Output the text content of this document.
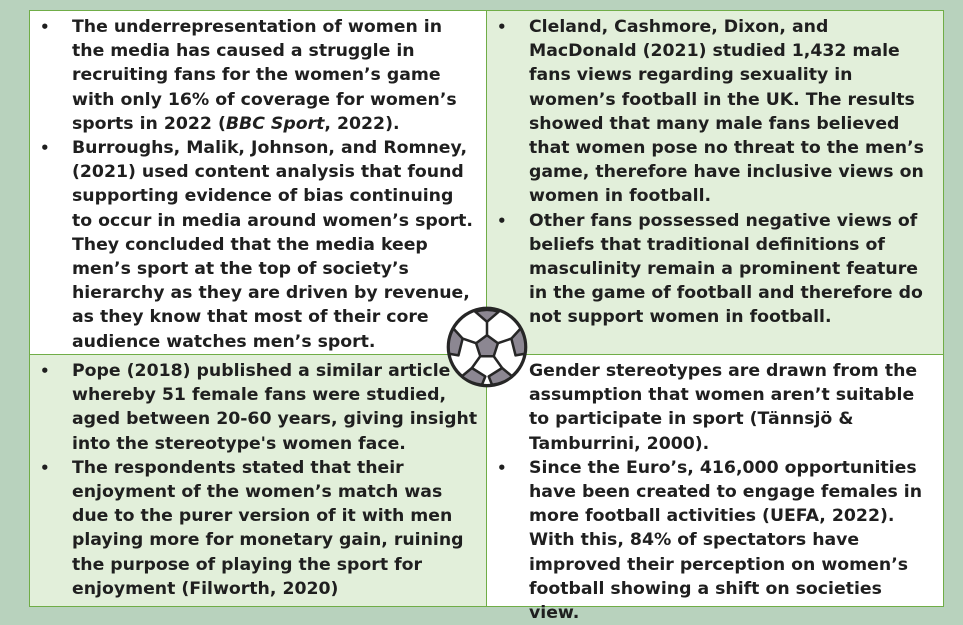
• The underrepresentation of women in the media has caused a struggle in recruiting fans for the women’s game with only 16% of coverage for women’s sports in 2022 (BBC Sport, 2022).
• Burroughs, Malik, Johnson, and Romney, (2021) used content analysis that found supporting evidence of bias continuing to occur in media around women’s sport. They concluded that the media keep men’s sport at the top of society’s hierarchy as they are driven by revenue, as they know that most of their core audience watches men’s sport.
• Cleland, Cashmore, Dixon, and MacDonald (2021) studied 1,432 male fans views regarding sexuality in women’s football in the UK. The results showed that many male fans believed that women pose no threat to the men’s game, therefore have inclusive views on women in football.
• Other fans possessed negative views of beliefs that traditional definitions of masculinity remain a prominent feature in the game of football and therefore do not support women in football.
• Pope (2018) published a similar article whereby 51 female fans were studied, aged between 20-60 years, giving insight into the stereotype's women face.
• The respondents stated that their enjoyment of the women’s match was due to the purer version of it with men playing more for monetary gain, ruining the purpose of playing the sport for enjoyment (Filworth, 2020)
Gender stereotypes are drawn from the assumption that women aren’t suitable to participate in sport (Tännsjö & Tamburrini, 2000).
• Since the Euro’s, 416,000 opportunities have been created to engage females in more football activities (UEFA, 2022). With this, 84% of spectators have improved their perception on women’s football showing a shift on societies view.
